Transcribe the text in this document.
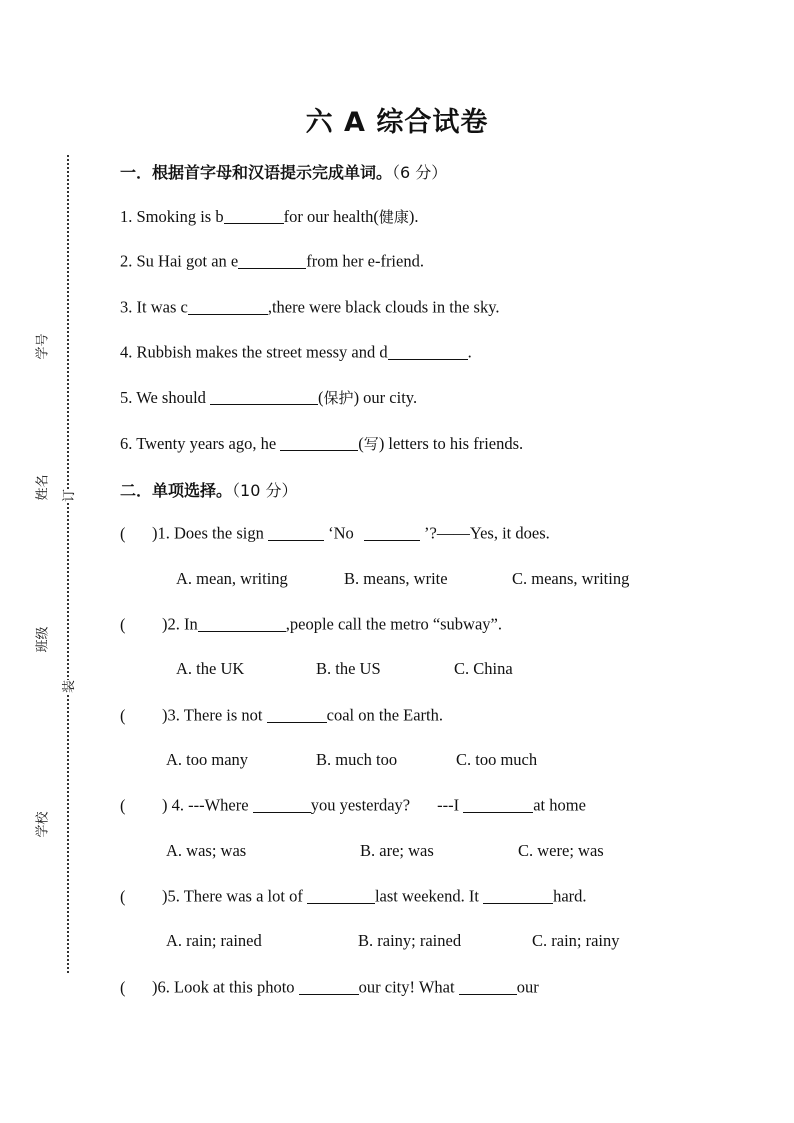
学号
姓名
班级
学校
订
装
六 A 综合试卷
一．根据首字母和汉语提示完成单词。（6 分）
1. Smoking is b	for our health(健康).
2. Su Hai got an e	from her e-friend.
3. It was c	,there were black clouds in the sky.
4. Rubbish makes the street messy and d	.
5. We should	(保护) our city.
6. Twenty years ago, he	(写) letters to his friends.
二．单项选择。（10 分）
( )1. Does the sign	‘No	’?——Yes, it does.
A. mean, writing	B. means, write	C. means, writing
( )2. In	,people call the metro “subway”.
A. the UK	B. the US	C. China
( )3. There is not	coal on the Earth.
A. too many	B. much too	C. too much
( ) 4. ---Where	you yesterday? ---I	at home
A. was; was	B. are; was	C. were; was
( )5. There was a lot of	last weekend. It	hard.
A. rain; rained	B. rainy; rained	C. rain; rainy
( )6. Look at this photo	our city! What	our
